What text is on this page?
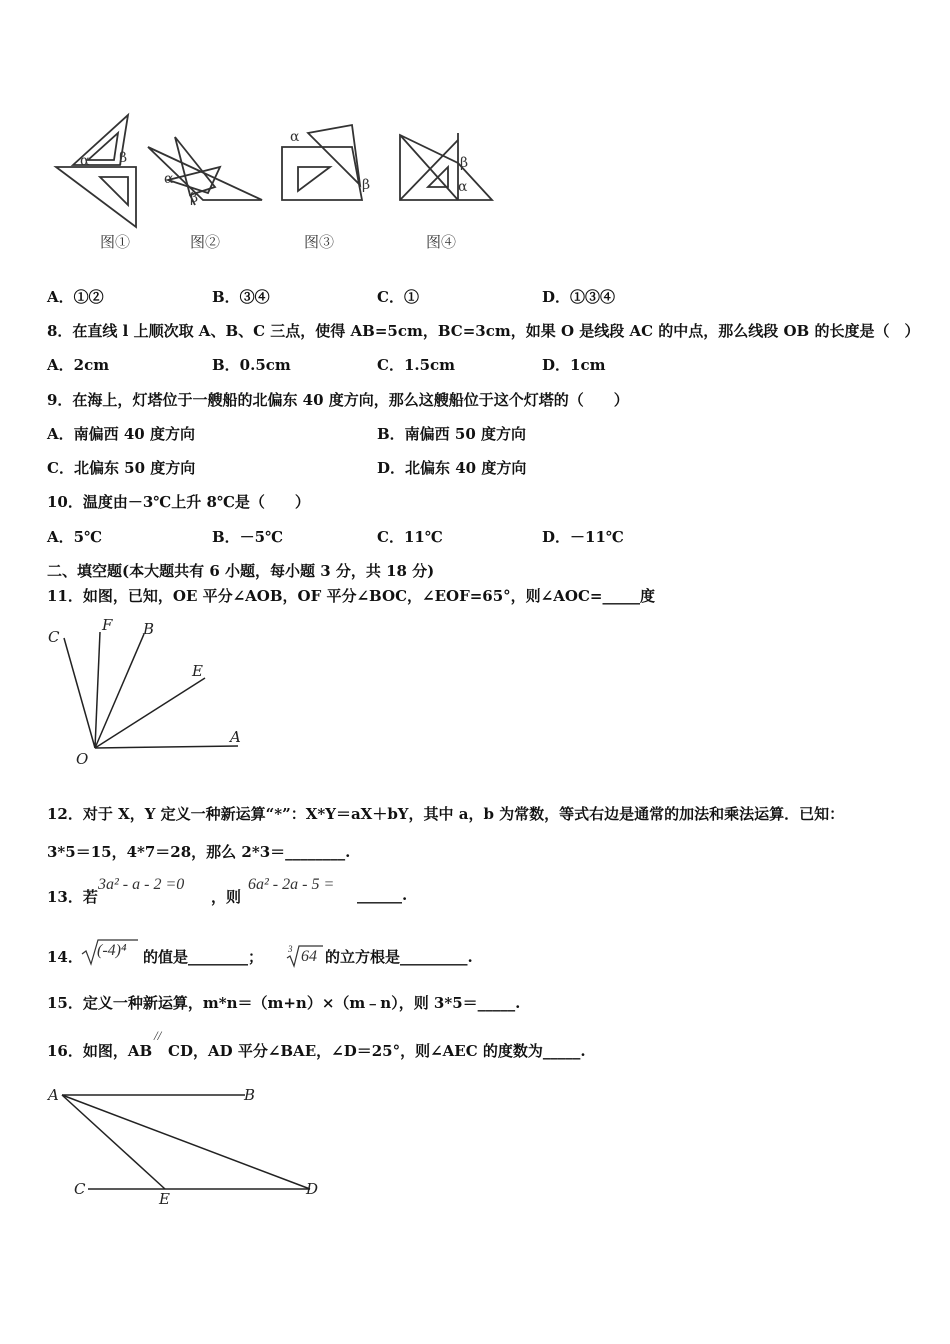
α β
α
β
α
β	α
β
图①	图②	图③	图④
A．①②	B．③④	C．①	D．①③④
8．在直线 l 上顺次取 A、B、C 三点，使得 AB=5cm，BC=3cm，如果 O 是线段 AC 的中点，那么线段 OB 的长度是（　）
A．2cm	B．0.5cm	C．1.5cm	D．1cm
9．在海上，灯塔位于一艘船的北偏东 40 度方向，那么这艘船位于这个灯塔的（　　）
A．南偏西 40 度方向	B．南偏西 50 度方向
C．北偏东 50 度方向	D．北偏东 40 度方向
10．温度由－3℃上升 8℃是（　　）
A．5℃	B．－5℃	C．11℃	D．－11℃
二、填空题(本大题共有 6 小题，每小题 3 分，共 18 分)
11．如图，已知，OE 平分∠AOB，OF 平分∠BOC，∠EOF=65°，则∠AOC=_____度
C
F B
E
A
O
12．对于 X，Y 定义一种新运算“*”：X*Y＝aX＋bY，其中 a，b 为常数，等式右边是通常的加法和乘法运算．已知：
3*5＝15，4*7＝28，那么 2*3＝________.
13．若
3a² - a - 2 =0
，则
6a² - 2a - 5 =
______.
14． (-4)⁴ 的值是________；	3 64 的立方根是_________.
15．定义一种新运算，m*n＝（m+n）×（m﹣n），则 3*5＝_____.
16．如图，AB
//
CD，AD 平分∠BAE，∠D＝25°，则∠AEC 的度数为_____.
A	B
C
E
D
